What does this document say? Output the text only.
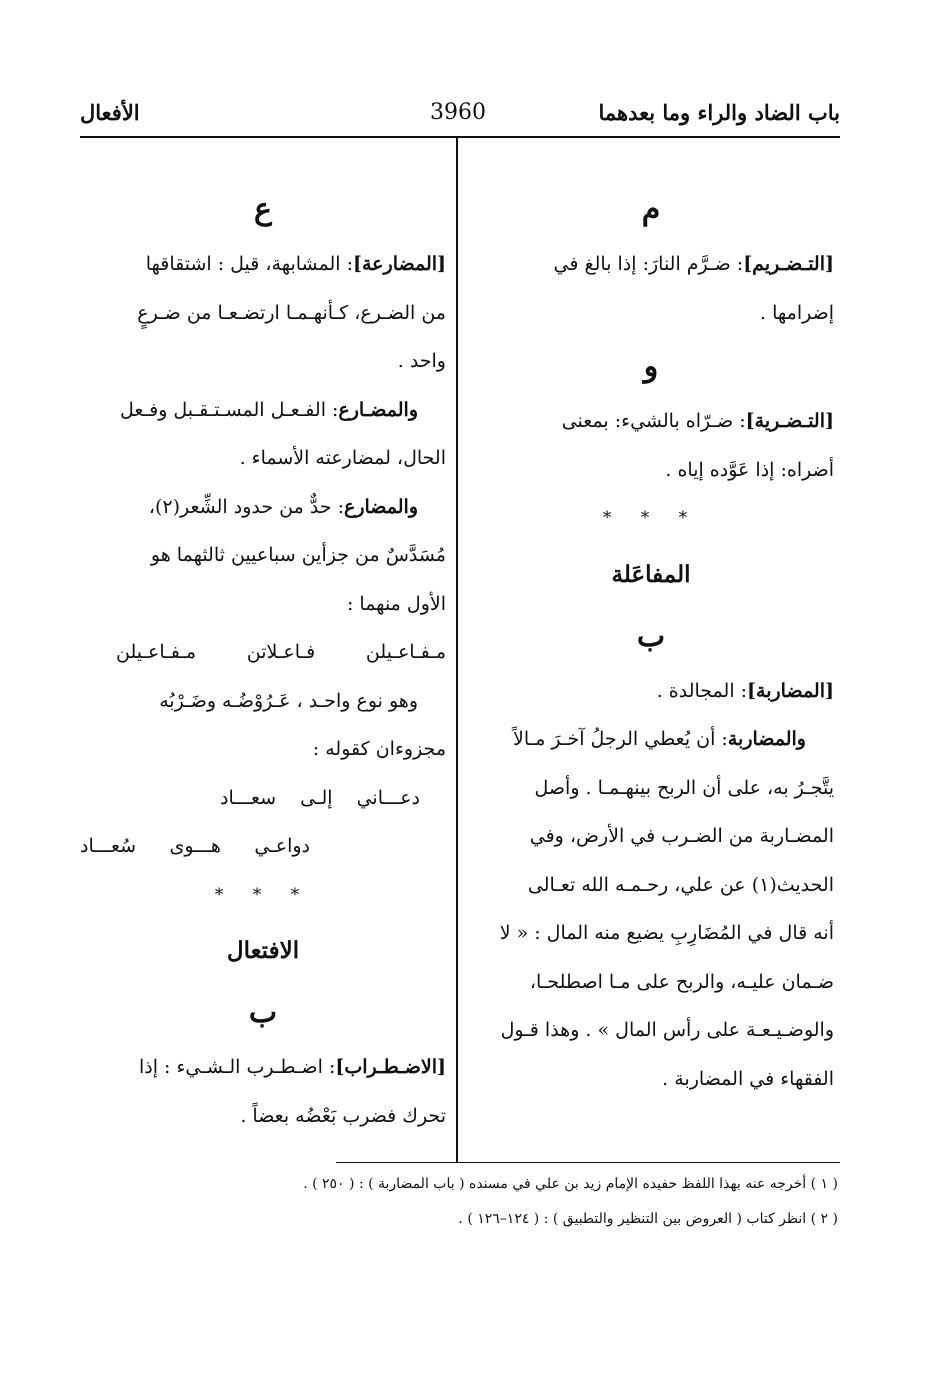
باب الضاد والراء وما بعدهما
3960
الأفعال

م

[التـضـريم]: ضـرَّم النارَ: إذا بالغ في

إضرامها .

و

[التـضـرية]: ضـرّاه بالشيء: بمعنى

أضراه: إذا عَوَّده إياه .

* * *

المفاعَلة

ب

[المضاربة]: المجالدة .

والمضاربة: أن يُعطي الرجلُ آخـرَ مـالاً

يتَّجـرُ به، على أن الربح بينهـمـا . وأصل

المضـاربة من الضـرب في الأرض، وفي

الحديث(١) عن علي، رحـمـه الله تعـالى

أنه قال في المُضَارِبِ يضيع منه المال : « لا

ضـمان عليـه، والربح على مـا اصطلحـا،

والوضـيـعـة على رأس المال » . وهذا قـول

الفقهاء في المضاربة .

ع

[المضارعة]: المشابهة، قيل : اشتقاقها

من الضـرع، كـأنهـمـا ارتضـعـا من ضـرعٍ

واحد .

والمضـارع: الفـعـل المسـتـقـبل وفـعل

الحال، لمضارعته الأسماء .

والمضارع: حدٌّ من حدود الشِّعر(٢)،

مُسَدَّسٌ من جزأين سباعيين ثالثهما هو

الأول منهما :

مـفـاعـيلن فـاعـلاتن مـفـاعـيلن

وهو نوع واحـد ، عَـرُوْضُـه وضَـرْبُه

مجزوءان كقوله :

دعـــاني إلـى سعـــاد

دواعـي هـــوى سُعـــاد

* * *

الافتعال

ب

[الاضـطـراب]: اضـطـرب الـشـيء : إذا

تحرك فضرب بَعْضُه بعضاً .

( ١ ) أخرجه عنه بهذا اللفظ حفيده الإمام زيد بن علي في مسنده ( باب المضاربة ) : ( ٢٥٠ ) .
( ٢ ) انظر كتاب ( العروض بين التنظير والتطبيق ) : ( ١٢٤–١٢٦ ) .
